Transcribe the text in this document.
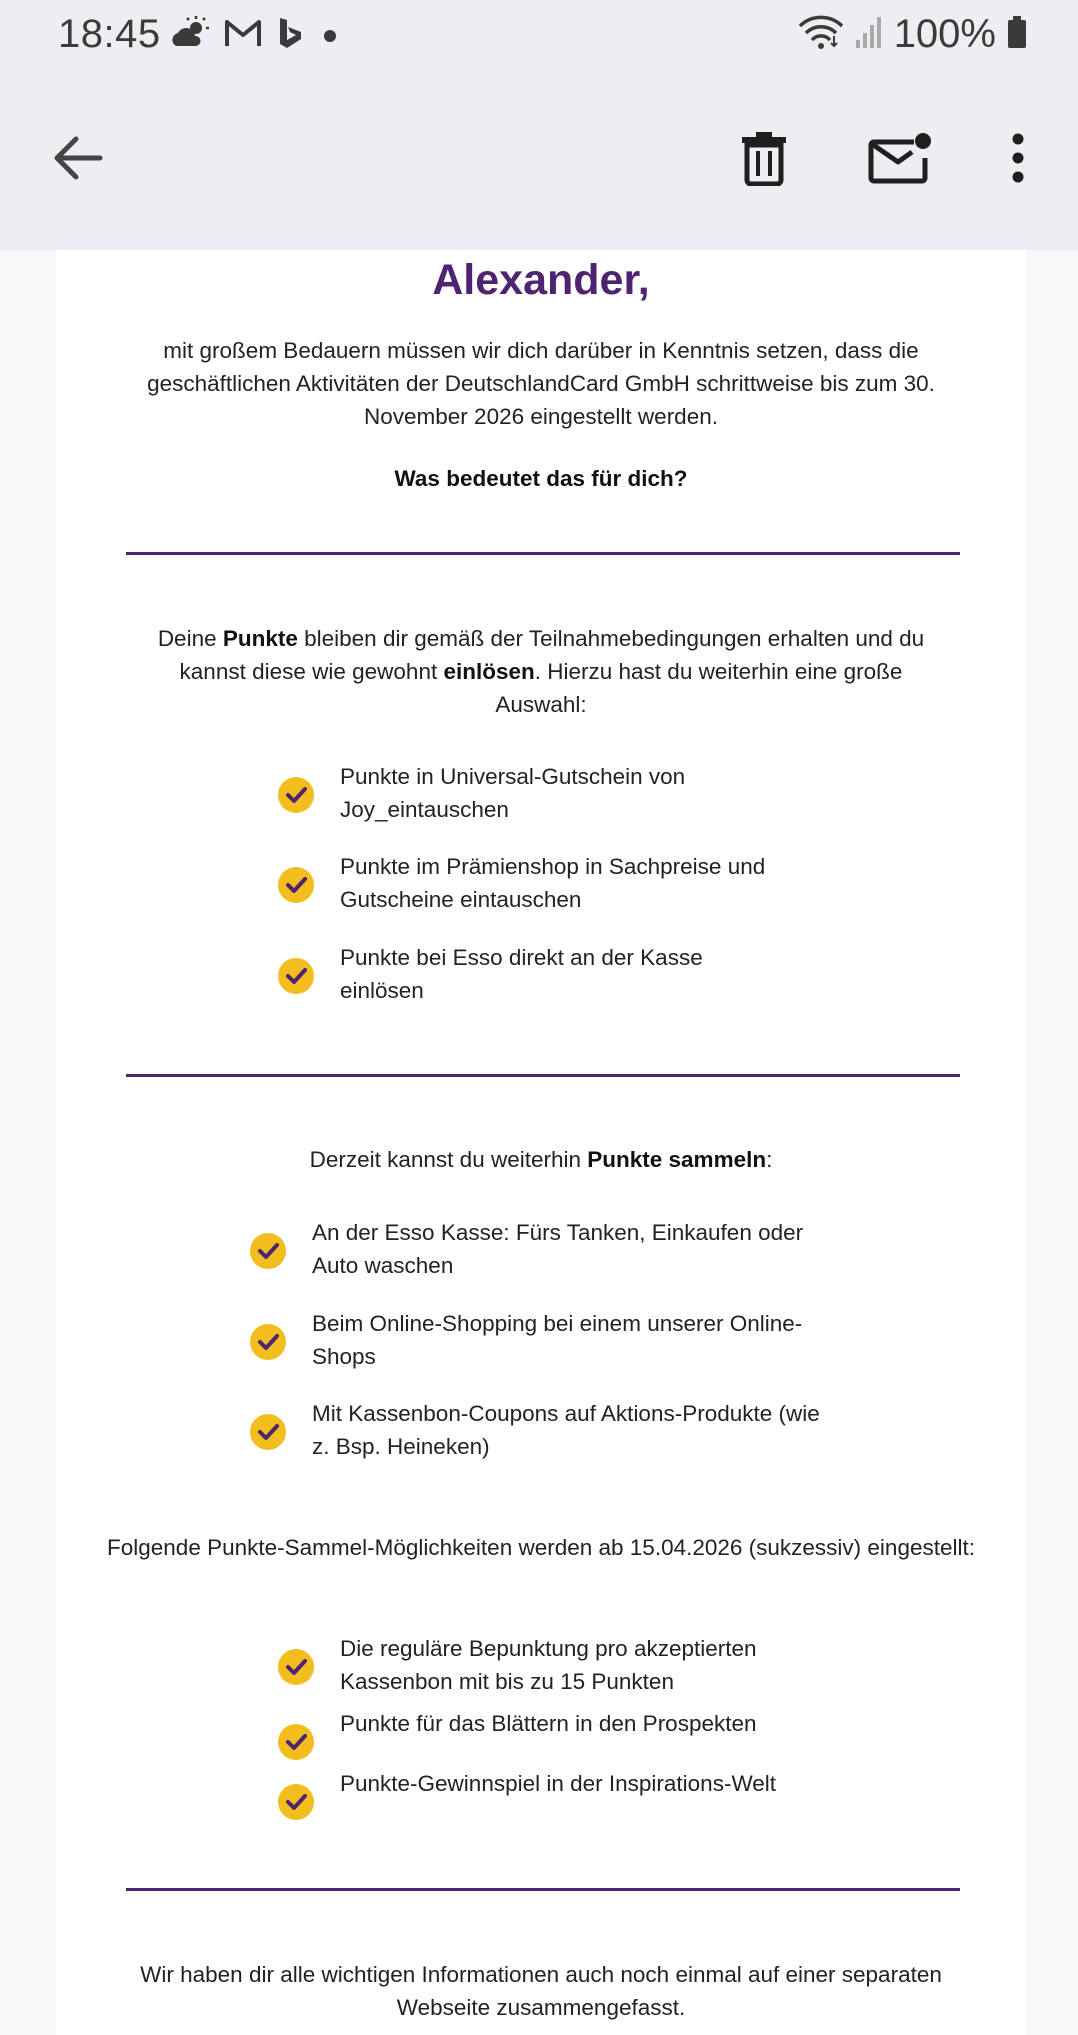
18:45	100%
Alexander,
mit großem Bedauern müssen wir dich darüber in Kenntnis setzen, dass die geschäftlichen Aktivitäten der DeutschlandCard GmbH schrittweise bis zum 30. November 2026 eingestellt werden.
Was bedeutet das für dich?
Deine Punkte bleiben dir gemäß der Teilnahmebedingungen erhalten und du kannst diese wie gewohnt einlösen. Hierzu hast du weiterhin eine große Auswahl:
Punkte in Universal-Gutschein von Joy_eintauschen
Punkte im Prämienshop in Sachpreise und Gutscheine eintauschen
Punkte bei Esso direkt an der Kasse einlösen
Derzeit kannst du weiterhin Punkte sammeln:
An der Esso Kasse: Fürs Tanken, Einkaufen oder Auto waschen
Beim Online-Shopping bei einem unserer Online-Shops
Mit Kassenbon-Coupons auf Aktions-Produkte (wie z. Bsp. Heineken)
Folgende Punkte-Sammel-Möglichkeiten werden ab 15.04.2026 (sukzessiv) eingestellt:
Die reguläre Bepunktung pro akzeptierten Kassenbon mit bis zu 15 Punkten
Punkte für das Blättern in den Prospekten
Punkte-Gewinnspiel in der Inspirations-Welt
Wir haben dir alle wichtigen Informationen auch noch einmal auf einer separaten Webseite zusammengefasst.
